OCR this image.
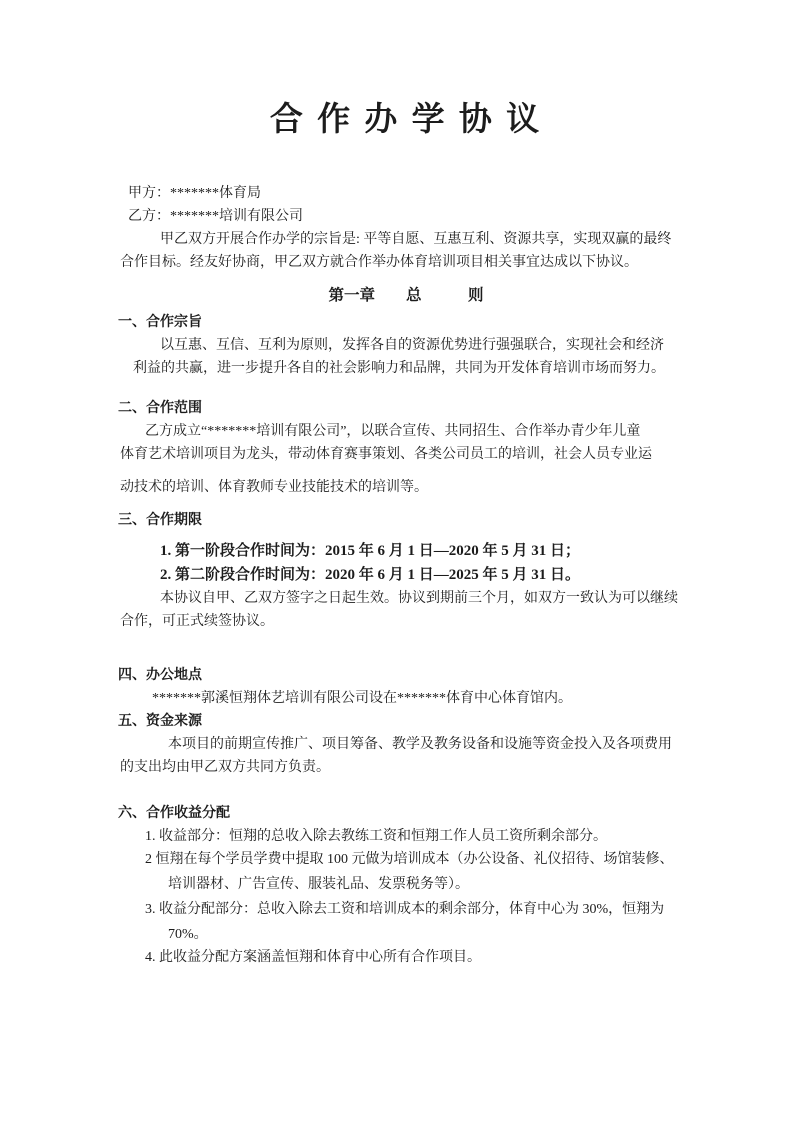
合 作 办 学 协 议
甲方：*******体育局
乙方：*******培训有限公司
甲乙双方开展合作办学的宗旨是: 平等自愿、互惠互利、资源共享，实现双赢的最终
合作目标。经友好协商，甲乙双方就合作举办体育培训项目相关事宜达成以下协议。
第一章　　总　　　则
一、合作宗旨
以互惠、互信、互利为原则，发挥各自的资源优势进行强强联合，实现社会和经济
利益的共赢，进一步提升各自的社会影响力和品牌，共同为开发体育培训市场而努力。
二、合作范围
乙方成立“*******培训有限公司”，以联合宣传、共同招生、合作举办青少年儿童
体育艺术培训项目为龙头，带动体育赛事策划、各类公司员工的培训，社会人员专业运
动技术的培训、体育教师专业技能技术的培训等。
三、合作期限
1. 第一阶段合作时间为：2015 年 6 月 1 日—2020 年 5 月 31 日；
2. 第二阶段合作时间为：2020 年 6 月 1 日—2025 年 5 月 31 日。
本协议自甲、乙双方签字之日起生效。协议到期前三个月，如双方一致认为可以继续
合作，可正式续签协议。
四、办公地点
*******郭溪恒翔体艺培训有限公司设在*******体育中心体育馆内。
五、资金来源
本项目的前期宣传推广、项目筹备、教学及教务设备和设施等资金投入及各项费用
的支出均由甲乙双方共同方负责。
六、合作收益分配
1. 收益部分：恒翔的总收入除去教练工资和恒翔工作人员工资所剩余部分。
2 恒翔在每个学员学费中提取 100 元做为培训成本（办公设备、礼仪招待、场馆装修、
培训器材、广告宣传、服装礼品、发票税务等）。
3. 收益分配部分：总收入除去工资和培训成本的剩余部分，体育中心为 30%，恒翔为
70%。
4. 此收益分配方案涵盖恒翔和体育中心所有合作项目。
